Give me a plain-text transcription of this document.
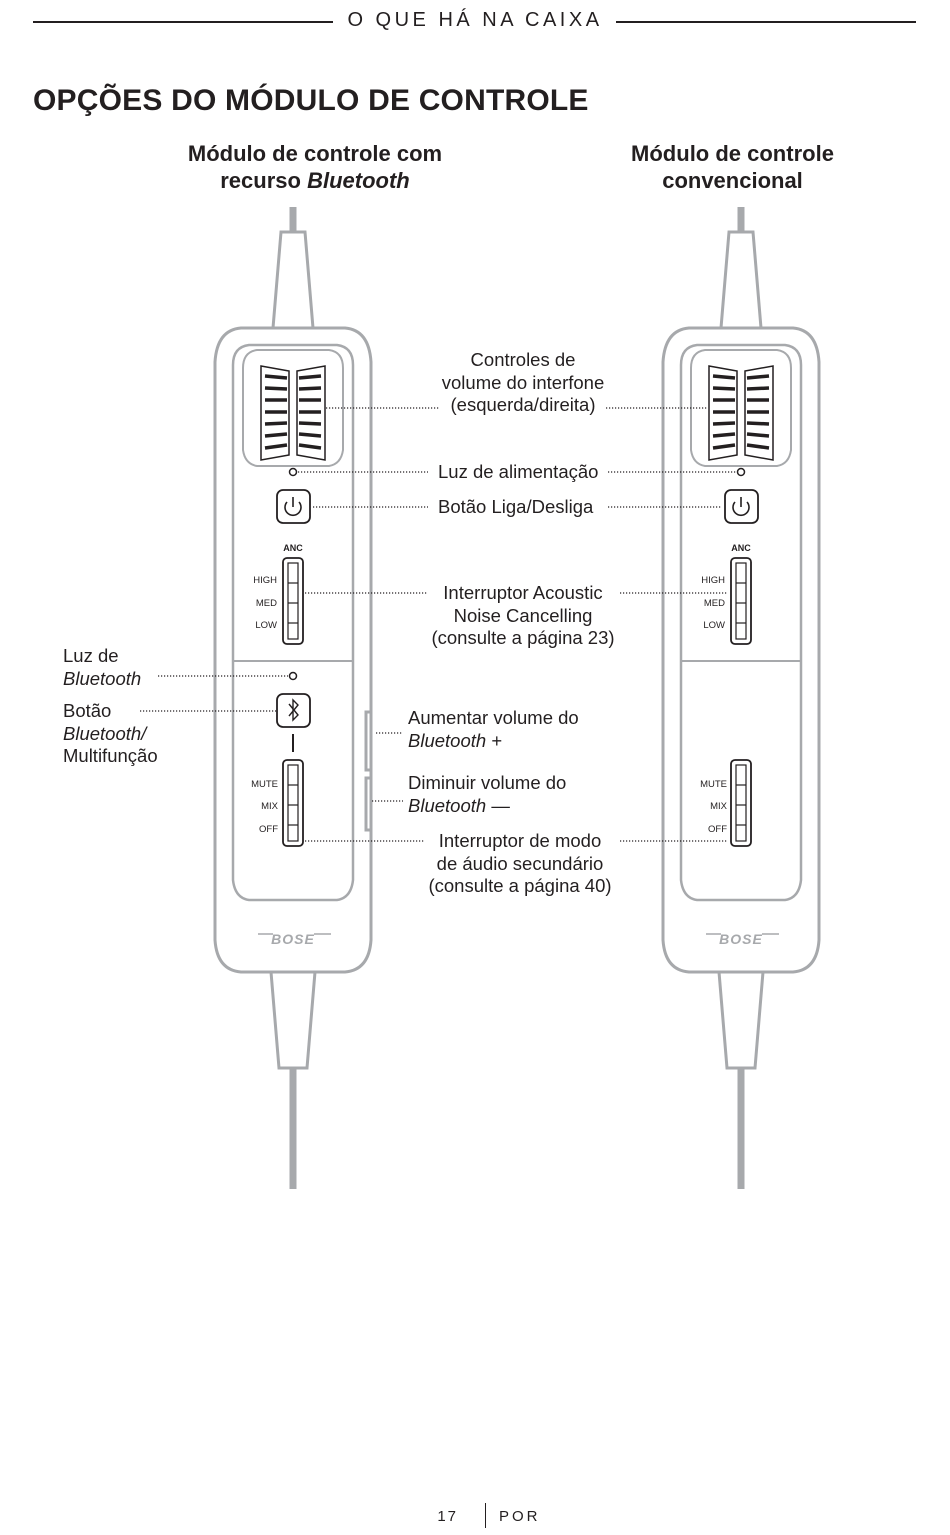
O QUE HÁ NA CAIXA
OPÇÕES DO MÓDULO DE CONTROLE
Módulo de controle com
recurso Bluetooth
Módulo de controle
convencional
BOSE	BOSE
ANC
HIGH
MED
LOW
MUTE
MIX
OFF
ANC
HIGH
MED
LOW
MUTE
MIX
OFF
Controles de
volume do interfone
(esquerda/direita)
Luz de alimentação
Botão Liga/Desliga
Interruptor Acoustic
Noise Cancelling
(consulte a página 23)
Luz de
Bluetooth
Botão
Bluetooth/
Multifunção
Aumentar volume do
Bluetooth +
Diminuir volume do
Bluetooth —
Interruptor de modo
de áudio secundário
(consulte a página 40)
17	POR
